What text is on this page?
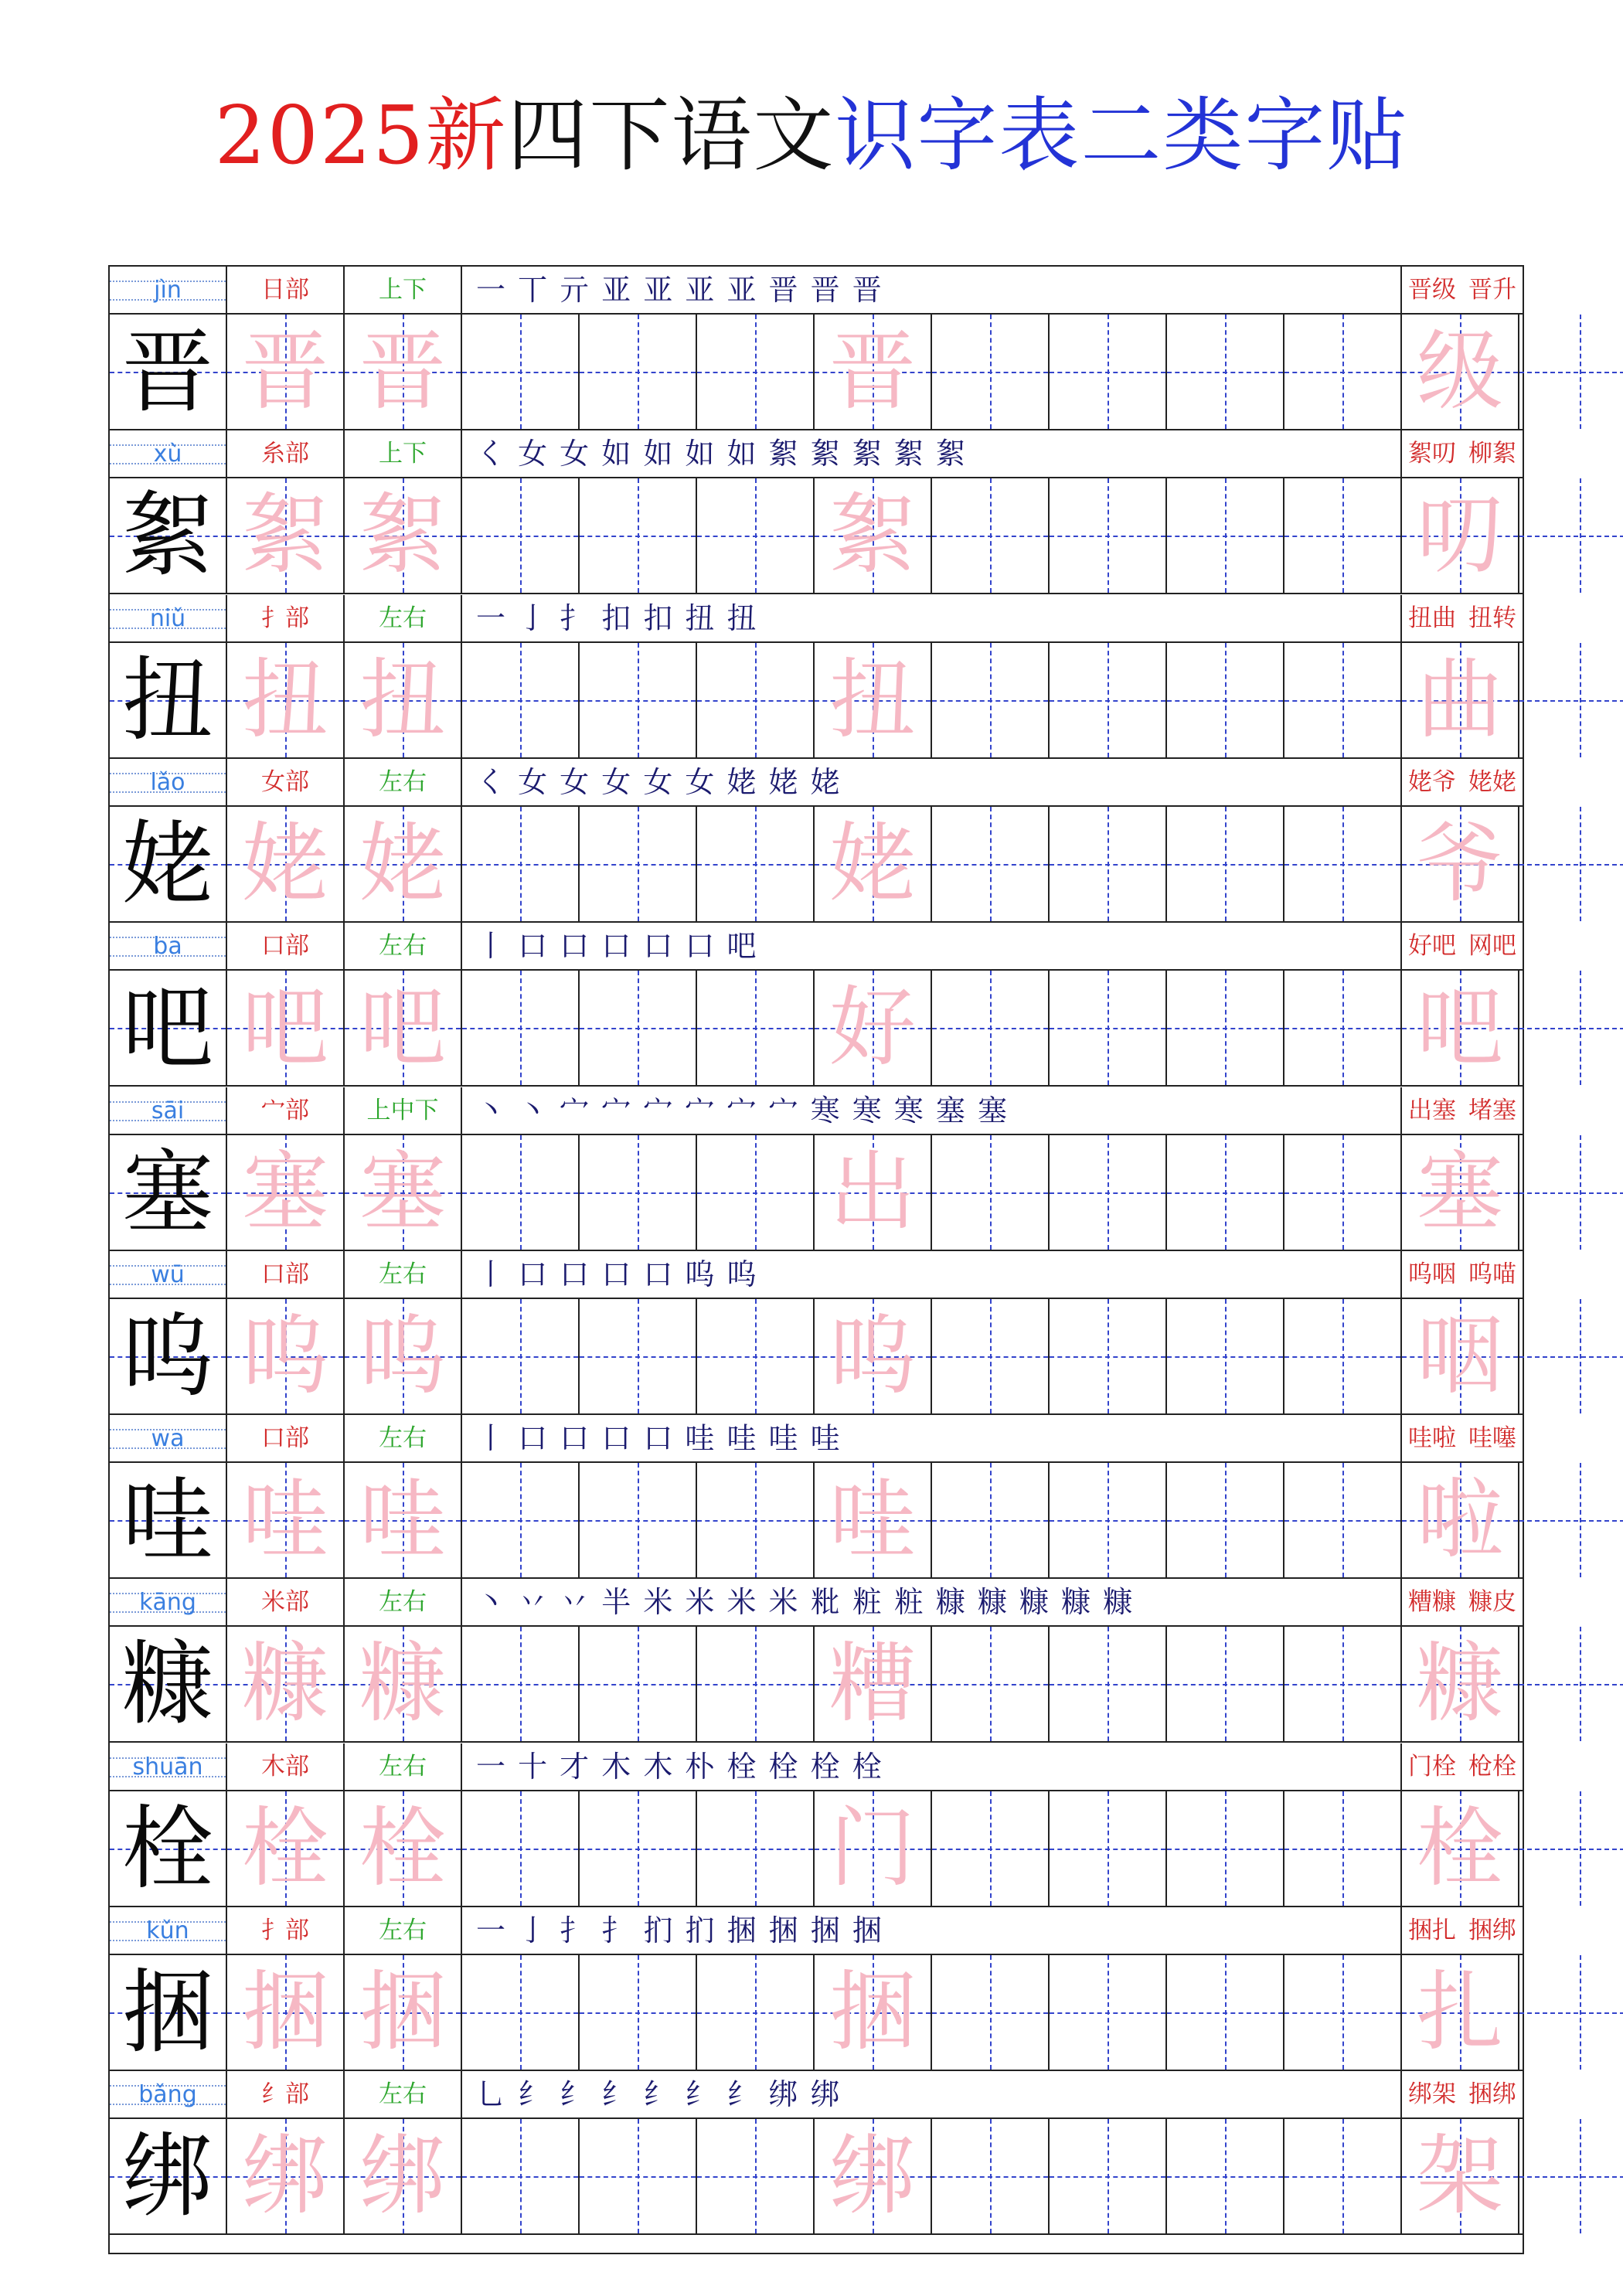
2025新四下语文识字表二类字贴
jìn	日部	上下	一 丅 亓 亚 亚 亚 亚 晋 晋 晋	晋级 晋升
晋 晋 晋	晋	级
xù	糸部	上下	く 女 女 如 如 如 如 絮 絮 絮 絮 絮	絮叨 柳絮
絮 絮 絮	絮	叨
niǔ	扌部	左右	一 亅 扌 扣 扣 扭 扭	扭曲 扭转
扭 扭 扭	扭	曲
lǎo	女部	左右	く 女 女 女 女 女 姥 姥 姥	姥爷 姥姥
姥 姥 姥	姥	爷
ba	口部	左右	丨 口 口 口 口 口 吧	好吧 网吧
吧 吧 吧	好	吧
sāi	宀部	上中下	丶 丶 宀 宀 宀 宀 宀 宀 寒 寒 寒 塞 塞	出塞 堵塞
塞 塞 塞	出	塞
wū	口部	左右	丨 口 口 口 口 呜 呜	呜咽 呜喵
呜 呜 呜	呜	咽
wa	口部	左右	丨 口 口 口 口 哇 哇 哇 哇	哇啦 哇噻
哇 哇 哇	哇	啦
kāng	米部	左右	丶 丷 丷 半 米 米 米 米 粃 粧 粧 糠 糠 糠 糠 糠	糟糠 糠皮
糠 糠 糠	糟	糠
shuān	木部	左右	一 十 才 木 木 朴 栓 栓 栓 栓	门栓 枪栓
栓 栓 栓	门	栓
kǔn	扌部	左右	一 亅 扌 扌 扪 扪 捆 捆 捆 捆	捆扎 捆绑
捆 捆 捆	捆	扎
bǎng	纟部	左右	乚 纟 纟 纟 纟 纟 纟 绑 绑	绑架 捆绑
绑 绑 绑	绑	架
